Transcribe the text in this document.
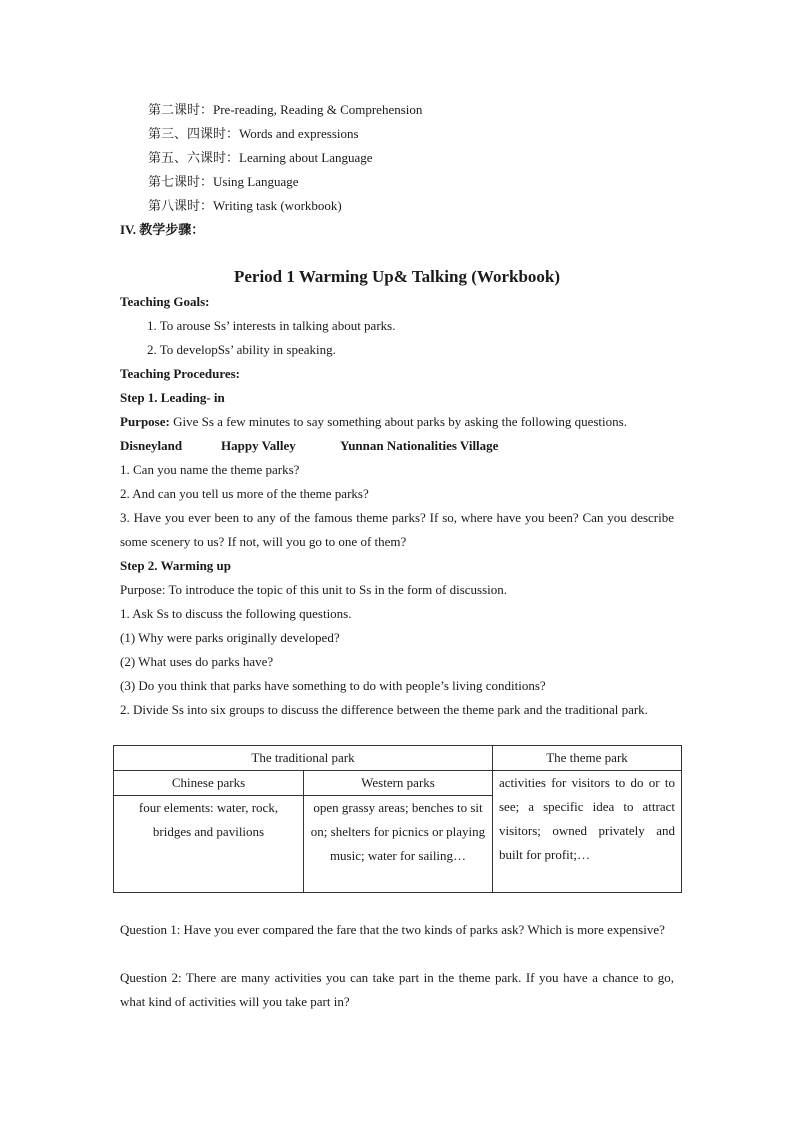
第二课时：Pre-reading, Reading & Comprehension
第三、四课时：Words and expressions
第五、六课时：Learning about Language
第七课时：Using Language
第八课时：Writing task (workbook)
IV. 教学步骤：
Period 1 Warming Up& Talking (Workbook)
Teaching Goals:
1. To arouse Ss’ interests in talking about parks.
2. To developSs’ ability in speaking.
Teaching Procedures:
Step 1. Leading- in
Purpose: Give Ss a few minutes to say something about parks by asking the following questions.
Disneyland	Happy Valley	Yunnan Nationalities Village
1. Can you name the theme parks?
2. And can you tell us more of the theme parks?
3. Have you ever been to any of the famous theme parks? If so, where have you been? Can you describe some scenery to us? If not, will you go to one of them?
Step 2. Warming up
Purpose: To introduce the topic of this unit to Ss in the form of discussion.
1. Ask Ss to discuss the following questions.
(1) Why were parks originally developed?
(2) What uses do parks have?
(3) Do you think that parks have something to do with people’s living conditions?
2. Divide Ss into six groups to discuss the difference between the theme park and the traditional park.
The traditional park		The theme park
Chinese parks	Western parks	activities for visitors to do or to see; a specific idea to attract visitors; owned privately and built for profit;…
four elements: water, rock, bridges and pavilions	open grassy areas; benches to sit on; shelters for picnics or playing music; water for sailing…	
Question 1: Have you ever compared the fare that the two kinds of parks ask? Which is more expensive?
Question 2: There are many activities you can take part in the theme park. If you have a chance to go, what kind of activities will you take part in?
